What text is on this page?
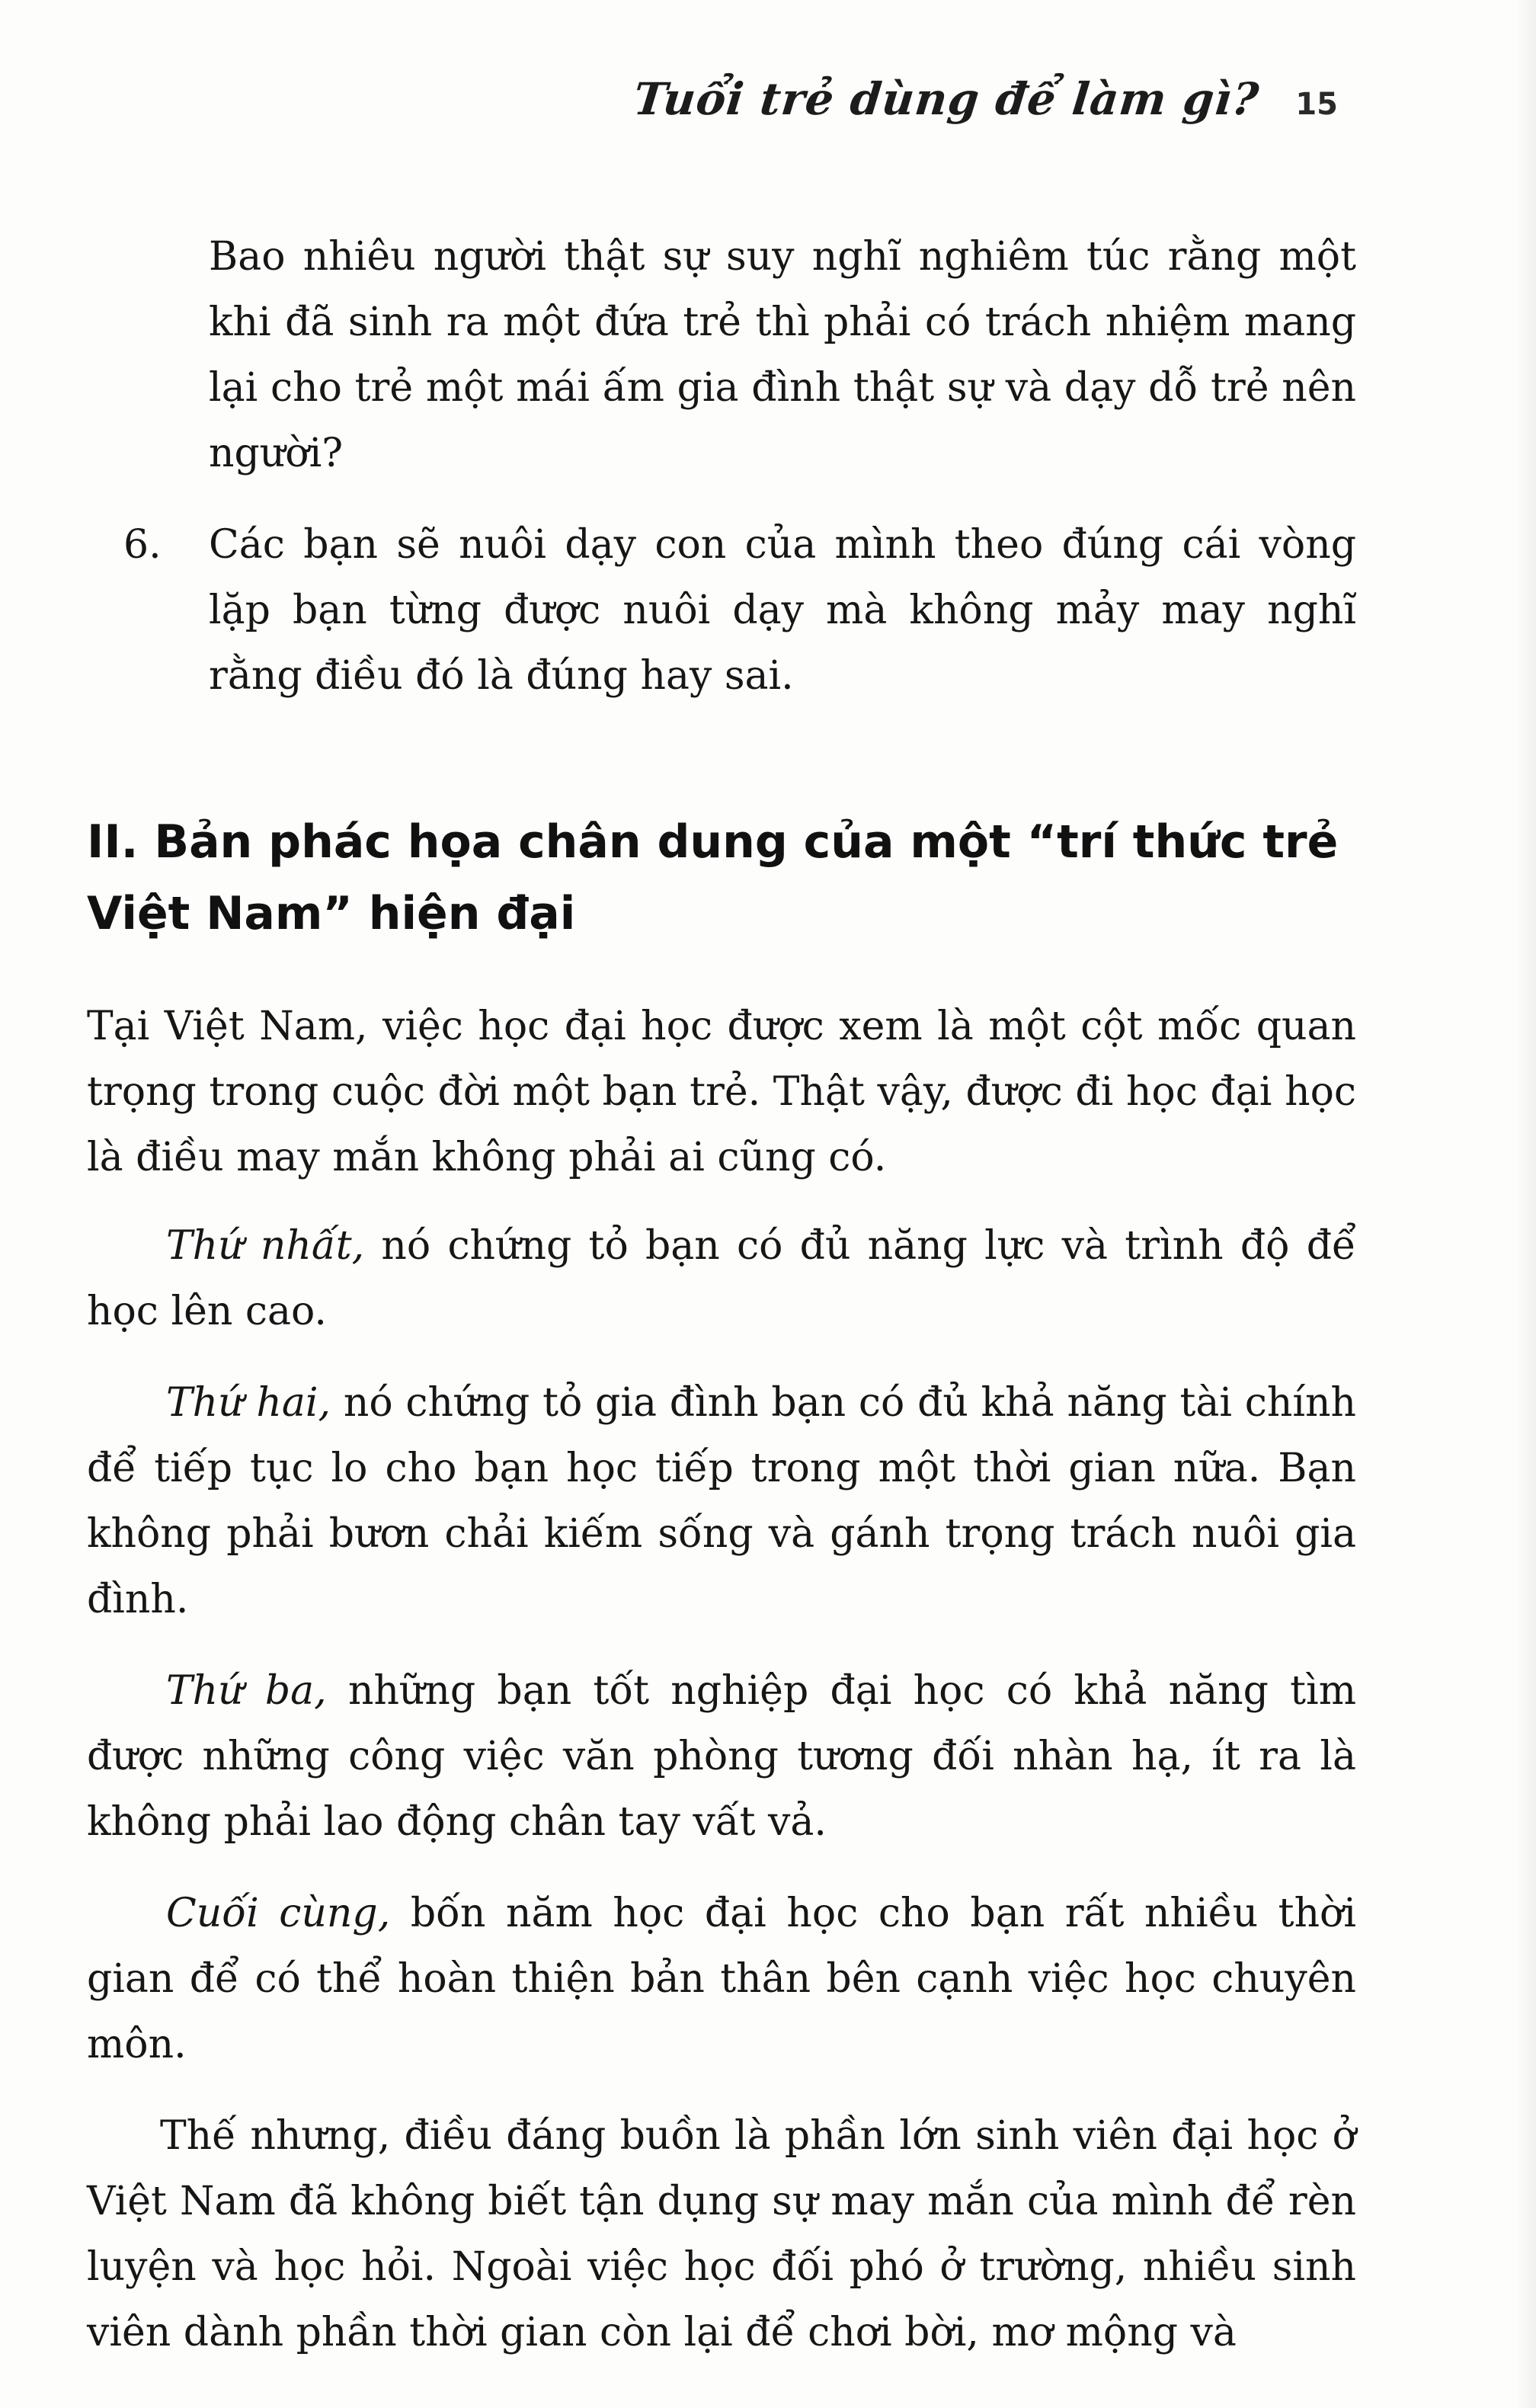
Tuổi trẻ dùng để làm gì? 15

Bao nhiêu người thật sự suy nghĩ nghiêm túc rằng một khi đã sinh ra một đứa trẻ thì phải có trách nhiệm mang lại cho trẻ một mái ấm gia đình thật sự và dạy dỗ trẻ nên người?

6.	Các bạn sẽ nuôi dạy con của mình theo đúng cái vòng lặp bạn từng được nuôi dạy mà không mảy may nghĩ rằng điều đó là đúng hay sai.

II. Bản phác họa chân dung của một “trí thức trẻ Việt Nam” hiện đại

Tại Việt Nam, việc học đại học được xem là một cột mốc quan trọng trong cuộc đời một bạn trẻ. Thật vậy, được đi học đại học là điều may mắn không phải ai cũng có.

Thứ nhất, nó chứng tỏ bạn có đủ năng lực và trình độ để học lên cao.

Thứ hai, nó chứng tỏ gia đình bạn có đủ khả năng tài chính để tiếp tục lo cho bạn học tiếp trong một thời gian nữa. Bạn không phải bươn chải kiếm sống và gánh trọng trách nuôi gia đình.

Thứ ba, những bạn tốt nghiệp đại học có khả năng tìm được những công việc văn phòng tương đối nhàn hạ, ít ra là không phải lao động chân tay vất vả.

Cuối cùng, bốn năm học đại học cho bạn rất nhiều thời gian để có thể hoàn thiện bản thân bên cạnh việc học chuyên môn.

Thế nhưng, điều đáng buồn là phần lớn sinh viên đại học ở Việt Nam đã không biết tận dụng sự may mắn của mình để rèn luyện và học hỏi. Ngoài việc học đối phó ở trường, nhiều sinh viên dành phần thời gian còn lại để chơi bời, mơ mộng và
